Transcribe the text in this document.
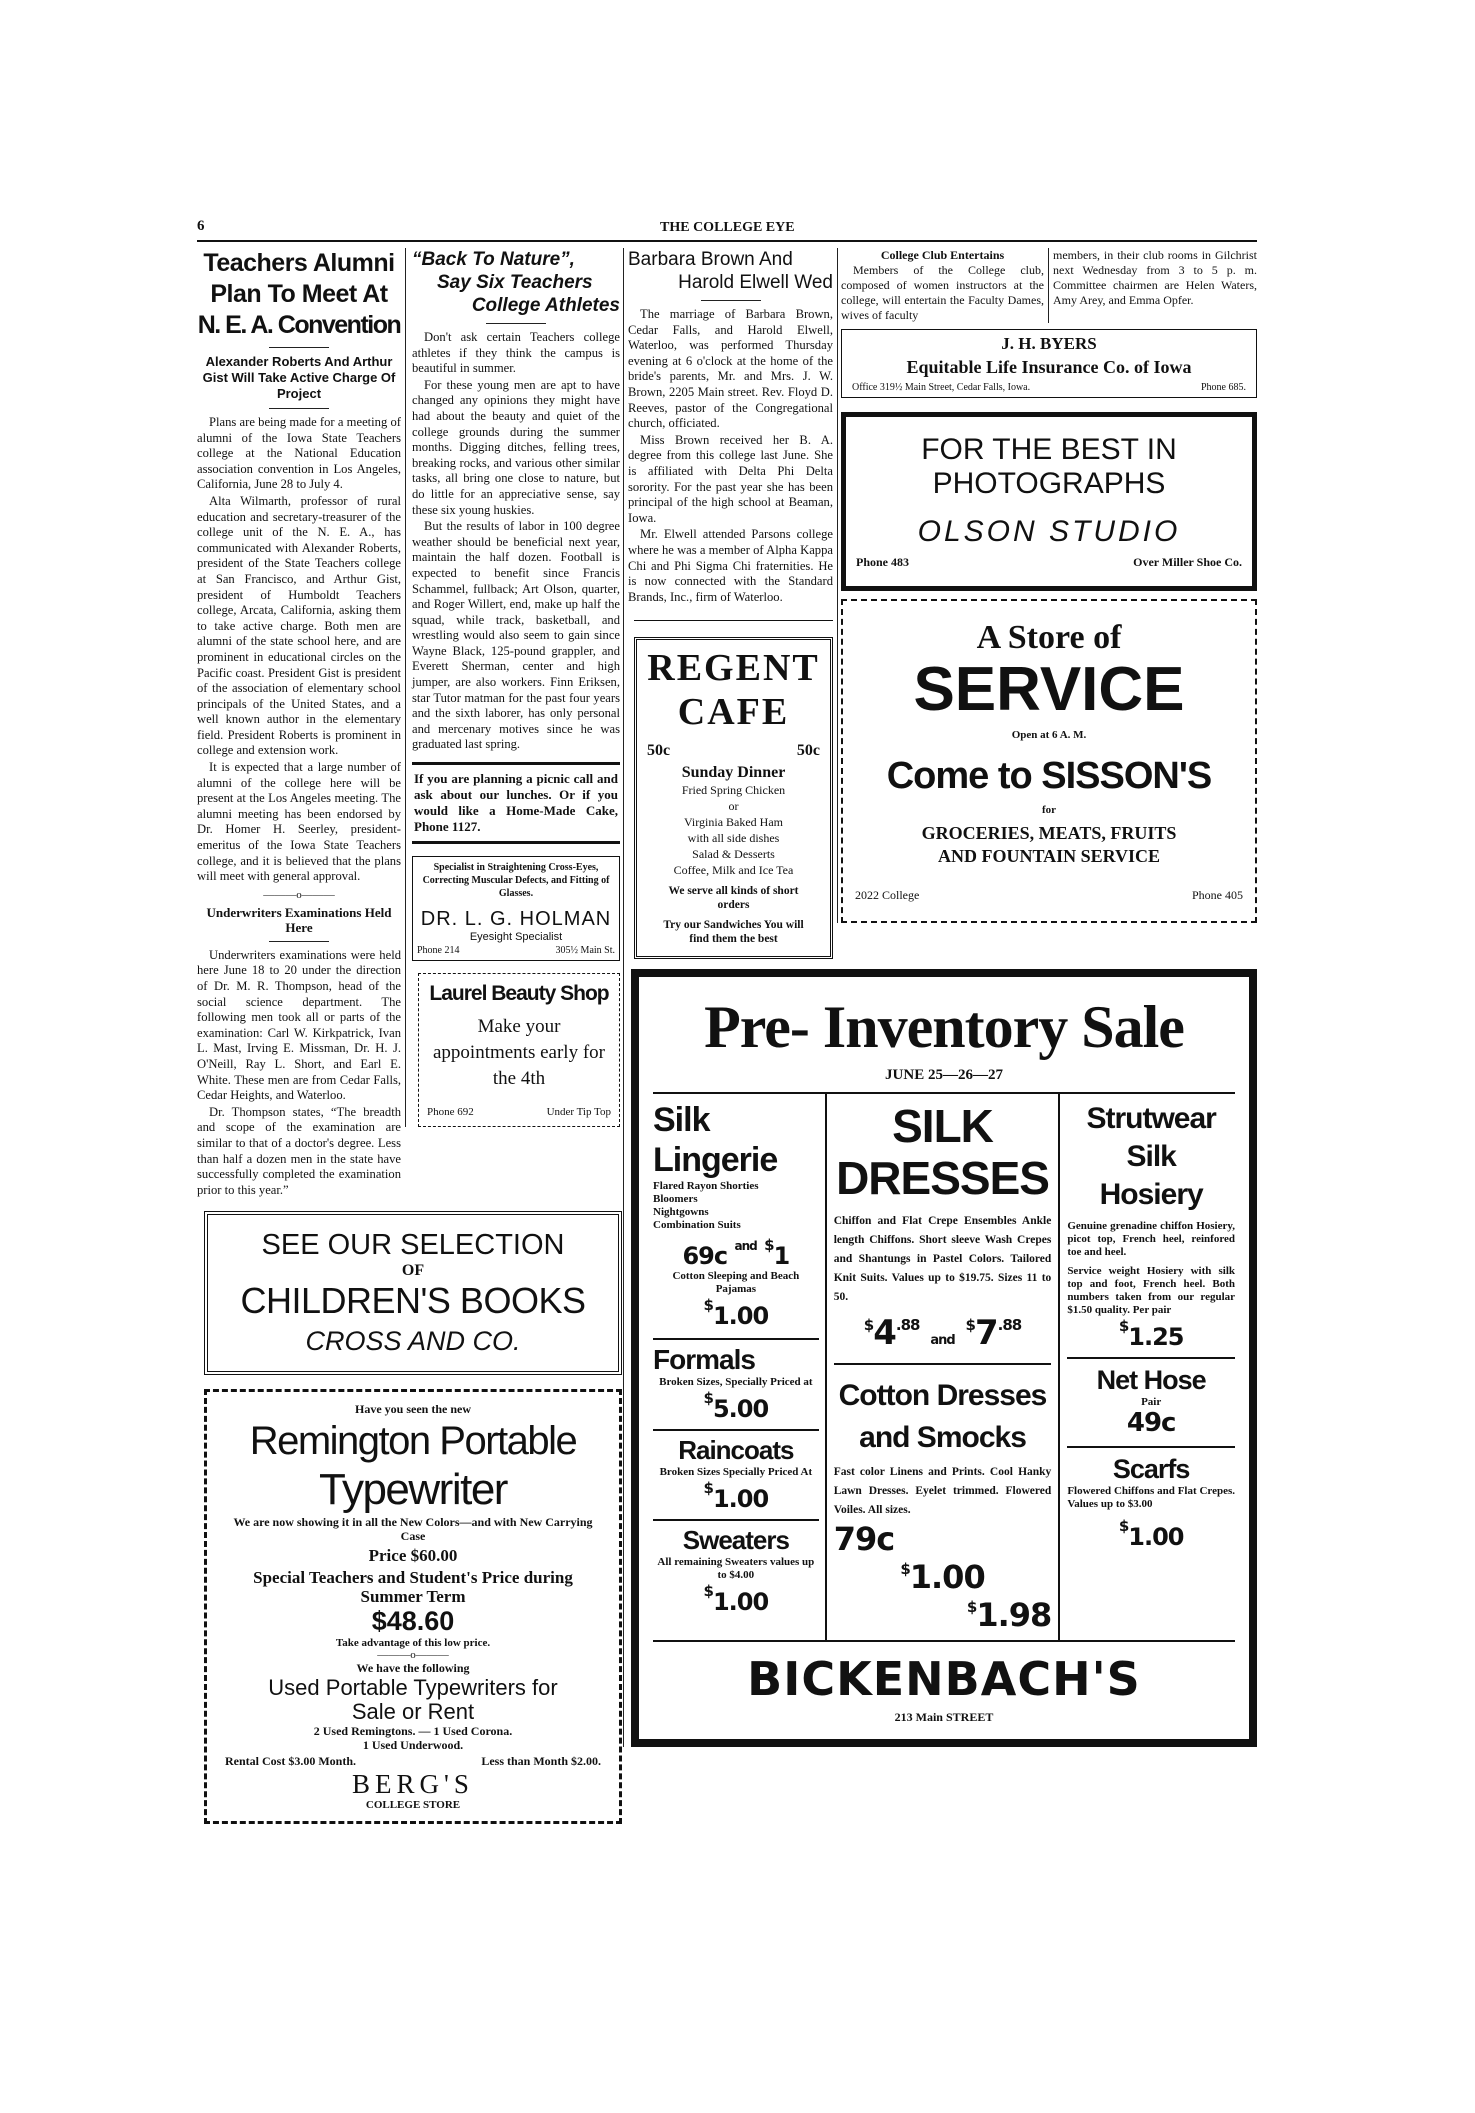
6	THE COLLEGE EYE
Teachers Alumni
Plan To Meet At
N. E. A. Convention
Alexander Roberts And Arthur Gist Will Take Active Charge Of Project

Plans are being made for a meeting of alumni of the Iowa State Teachers college at the National Education association convention in Los Angeles, California, June 28 to July 4.

Alta Wilmarth, professor of rural education and secretary-treasurer of the college unit of the N. E. A., has communicated with Alexander Roberts, president of the State Teachers college at San Francisco, and Arthur Gist, president of Humboldt Teachers college, Arcata, California, asking them to take active charge. Both men are alumni of the state school here, and are prominent in educational circles on the Pacific coast. President Gist is president of the association of elementary school principals of the United States, and a well known author in the elementary field. President Roberts is prominent in college and extension work.

It is expected that a large number of alumni of the college here will be present at the Los Angeles meeting. The alumni meeting has been endorsed by Dr. Homer H. Seerley, president-emeritus of the Iowa State Teachers college, and it is believed that the plans will meet with general approval.

———o———
Underwriters Examinations Held Here

Underwriters examinations were held here June 18 to 20 under the direction of Dr. M. R. Thompson, head of the social science department. The following men took all or parts of the examination: Carl W. Kirkpatrick, Ivan L. Mast, Irving E. Missman, Dr. H. J. O'Neill, Ray L. Short, and Earl E. White. These men are from Cedar Falls, Cedar Heights, and Waterloo.

Dr. Thompson states, “The breadth and scope of the examination are similar to that of a doctor's degree. Less than half a dozen men in the state have successfully completed the examination prior to this year.”

“Back To Nature”,
Say Six Teachers
College Athletes

Don't ask certain Teachers college athletes if they think the campus is beautiful in summer.

For these young men are apt to have changed any opinions they might have had about the beauty and quiet of the college grounds during the summer months. Digging ditches, felling trees, breaking rocks, and various other similar tasks, all bring one close to nature, but do little for an appreciative sense, say these six young huskies.

But the results of labor in 100 degree weather should be beneficial next year, maintain the half dozen. Football is expected to benefit since Francis Schammel, fullback; Art Olson, quarter, and Roger Willert, end, make up half the squad, while track, basketball, and wrestling would also seem to gain since Wayne Black, 125-pound grappler, and Everett Sherman, center and high jumper, are also workers. Finn Eriksen, star Tutor matman for the past four years and the sixth laborer, has only personal and mercenary motives since he was graduated last spring.

If you are planning a picnic call and ask about our lunches. Or if you would like a Home-Made Cake, Phone 1127.
Specialist in Straightening Cross-Eyes, Correcting Muscular Defects, and Fitting of Glasses.
DR. L. G. HOLMAN
Eyesight Specialist
Phone 214	305½ Main St.
Laurel Beauty Shop
Make your appointments early for the 4th
Phone 692	Under Tip Top
SEE OUR SELECTION
OF
CHILDREN'S BOOKS
CROSS AND CO.
Have you seen the new
Remington Portable
Typewriter
We are now showing it in all the New Colors—and with New Carrying Case
Price $60.00
Special Teachers and Student's Price during Summer Term
$48.60
Take advantage of this low price.
———o———
We have the following
Used Portable Typewriters for Sale or Rent
2 Used Remingtons. — 1 Used Corona.
1 Used Underwood.
Rental Cost $3.00 Month.	Less than Month $2.00.
BERG'S
COLLEGE STORE
Barbara Brown And
Harold Elwell Wed

The marriage of Barbara Brown, Cedar Falls, and Harold Elwell, Waterloo, was performed Thursday evening at 6 o'clock at the home of the bride's parents, Mr. and Mrs. J. W. Brown, 2205 Main street. Rev. Floyd D. Reeves, pastor of the Congregational church, officiated.

Miss Brown received her B. A. degree from this college last June. She is affiliated with Delta Phi Delta sorority. For the past year she has been principal of the high school at Beaman, Iowa.

Mr. Elwell attended Parsons college where he was a member of Alpha Kappa Chi and Phi Sigma Chi fraternities. He is now connected with the Standard Brands, Inc., firm of Waterloo.

REGENT
CAFE
50c	50c
Sunday Dinner
Fried Spring Chicken
or
Virginia Baked Ham
with all side dishes
Salad & Desserts
Coffee, Milk and Ice Tea
We serve all kinds of short orders
Try our Sandwiches You will find them the best
College Club Entertains
Members of the College club, composed of women instructors at the college, will entertain the Faculty Dames, wives of faculty
members, in their club rooms in Gilchrist next Wednesday from 3 to 5 p. m. Committee chairmen are Helen Waters, Amy Arey, and Emma Opfer.
J. H. BYERS
Equitable Life Insurance Co. of Iowa
Office 319½ Main Street, Cedar Falls, Iowa.	Phone 685.
FOR THE BEST IN
PHOTOGRAPHS
OLSON STUDIO
Phone 483	Over Miller Shoe Co.
A Store of
SERVICE
Open at 6 A. M.
Come to SISSON'S
for
GROCERIES, MEATS, FRUITS
AND FOUNTAIN SERVICE
2022 College	Phone 405
Pre- Inventory Sale
JUNE 25—26—27
Silk
Lingerie
Flared Rayon Shorties
Bloomers
Nightgowns
Combination Suits
69c $^{and}$ $1
Cotton Sleeping and Beach Pajamas
$1.00
Formals
Broken Sizes, Specially Priced at
$5.00
Raincoats
Broken Sizes Specially Priced At
$1.00
Sweaters
All remaining Sweaters values up to $4.00
$1.00
SILK
DRESSES
Chiffon and Flat Crepe Ensembles Ankle length Chiffons. Short sleeve Wash Crepes and Shantungs in Pastel Colors. Tailored Knit Suits. Values up to $19.75. Sizes 11 to 50.
$^{\$}4^{.88}$ and $^{\$}7^{.88}$
Cotton Dresses
and Smocks
Fast color Linens and Prints. Cool Hanky Lawn Dresses. Eyelet trimmed. Flowered Voiles. All sizes.
79c
$1.00
$1.98
Strutwear
Silk
Hosiery
Genuine grenadine chiffon Hosiery, picot top, French heel, reinfored toe and heel.
Service weight Hosiery with silk top and foot, French heel. Both numbers taken from our regular $1.50 quality. Per pair
$1.25
Net Hose
Pair
49c
Scarfs
Flowered Chiffons and Flat Crepes. Values up to $3.00
$1.00
BICKENBACH'S
213 Main STREET
